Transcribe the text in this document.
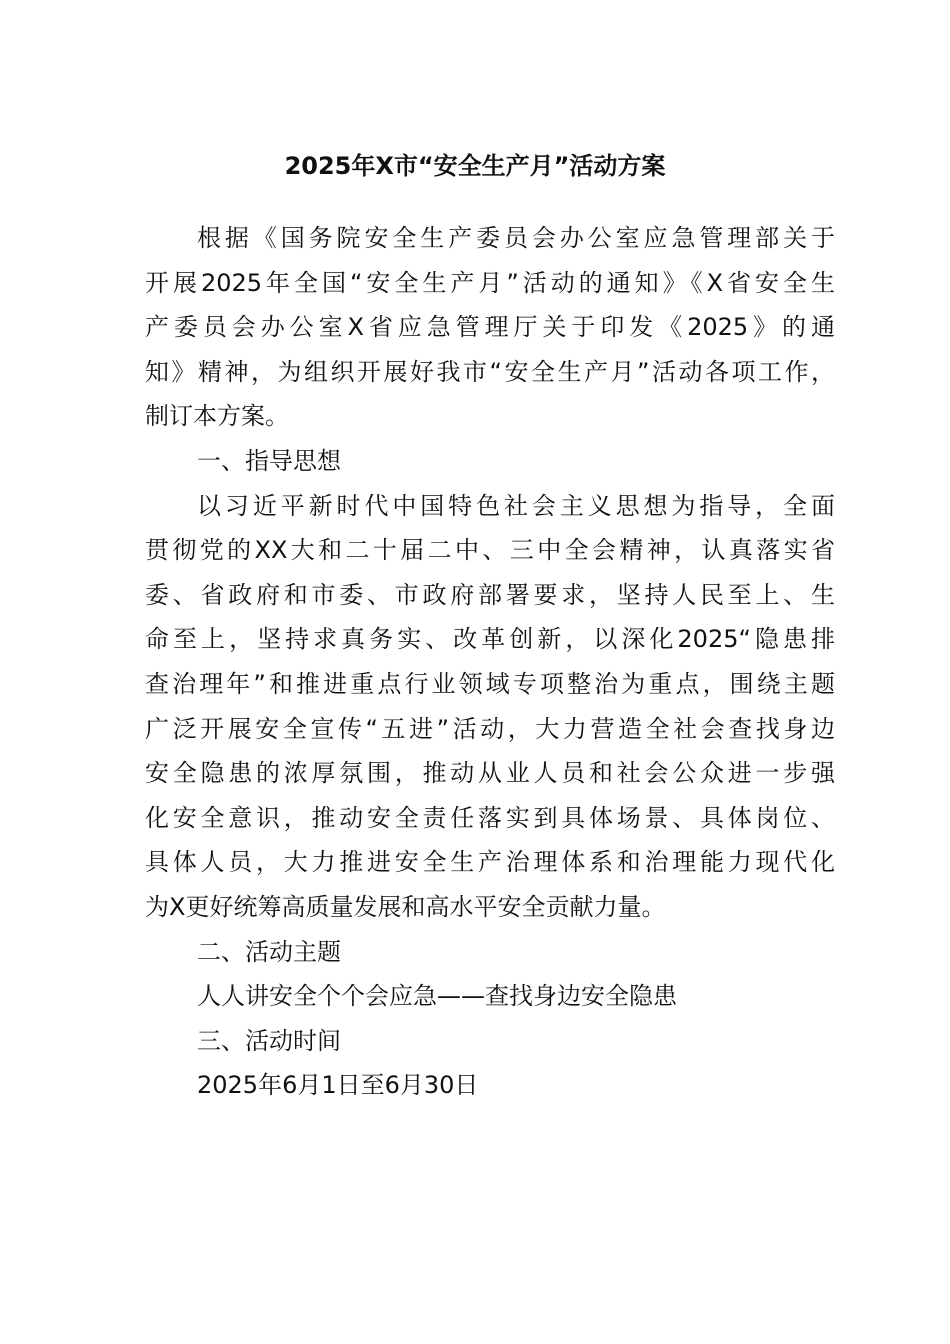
2025年X市“安全生产月”活动方案
根据《国务院安全生产委员会办公室应急管理部关于
开展2025年全国“安全生产月”活动的通知》《X省安全生
产委员会办公室X省应急管理厅关于印发《2025》的通
知》精神，为组织开展好我市“安全生产月”活动各项工作，
制订本方案。
一、指导思想
以习近平新时代中国特色社会主义思想为指导，全面
贯彻党的XX大和二十届二中、三中全会精神，认真落实省
委、省政府和市委、市政府部署要求，坚持人民至上、生
命至上，坚持求真务实、改革创新，以深化2025“隐患排
查治理年”和推进重点行业领域专项整治为重点，围绕主题
广泛开展安全宣传“五进”活动，大力营造全社会查找身边
安全隐患的浓厚氛围，推动从业人员和社会公众进一步强
化安全意识，推动安全责任落实到具体场景、具体岗位、
具体人员，大力推进安全生产治理体系和治理能力现代化
为X更好统筹高质量发展和高水平安全贡献力量。
二、活动主题
人人讲安全个个会应急——查找身边安全隐患
三、活动时间
2025年6月1日至6月30日
